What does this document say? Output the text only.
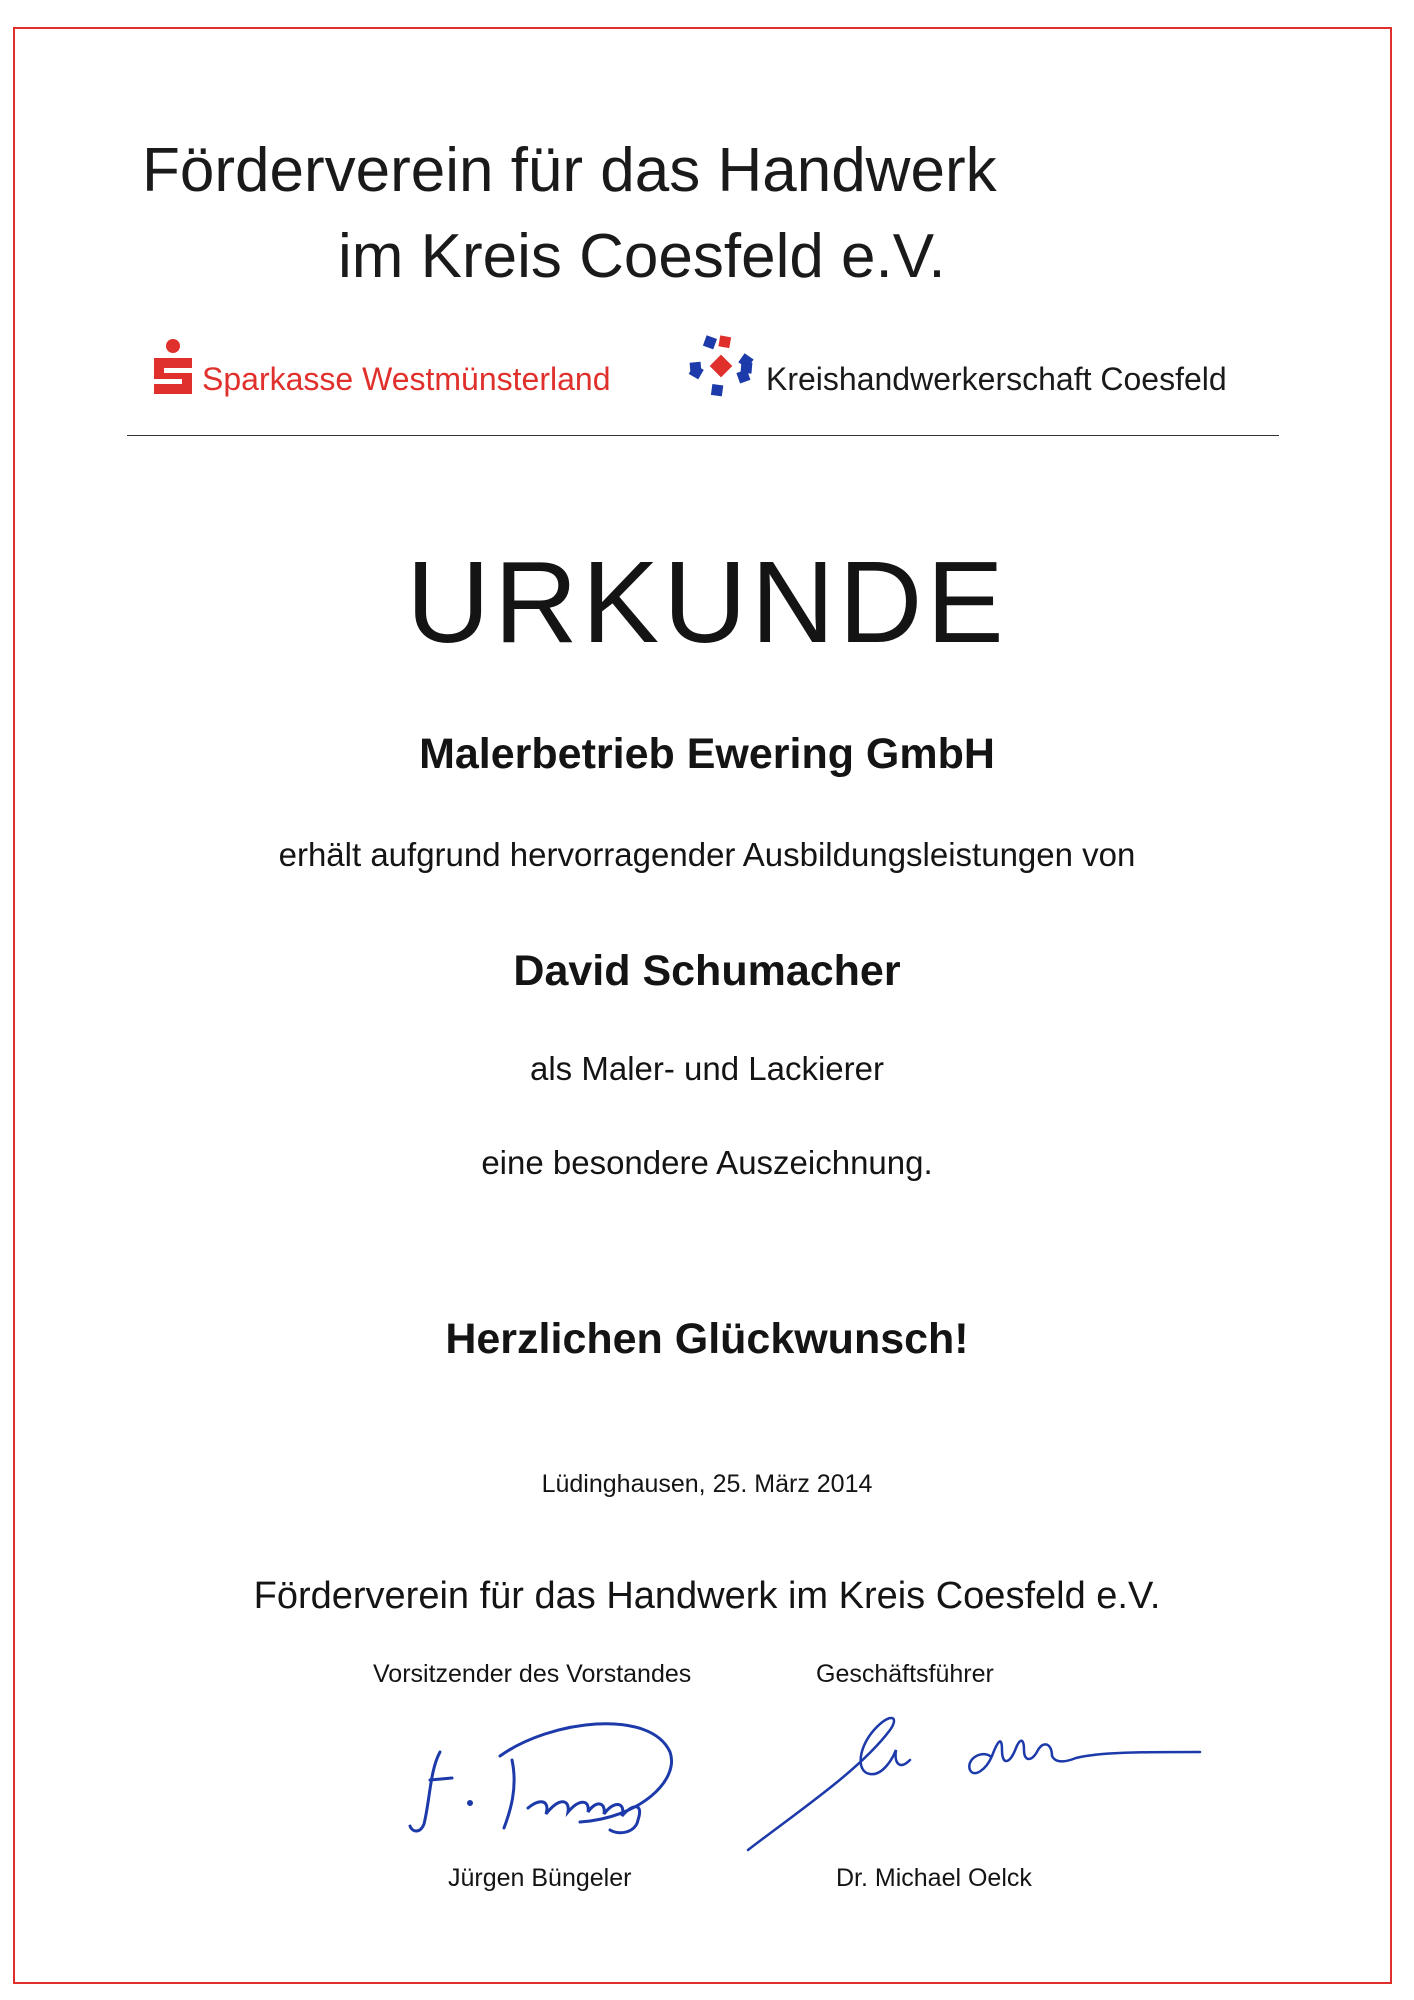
Förderverein für das Handwerk
im Kreis Coesfeld e.V.
Sparkasse Westmünsterland	Kreishandwerkerschaft Coesfeld
URKUNDE
Malerbetrieb Ewering GmbH
erhält aufgrund hervorragender Ausbildungsleistungen von
David Schumacher
als Maler- und Lackierer
eine besondere Auszeichnung.
Herzlichen Glückwunsch!
Lüdinghausen, 25. März 2014
Förderverein für das Handwerk im Kreis Coesfeld e.V.
Vorsitzender des Vorstandes	Geschäftsführer
Jürgen Büngeler	Dr. Michael Oelck
